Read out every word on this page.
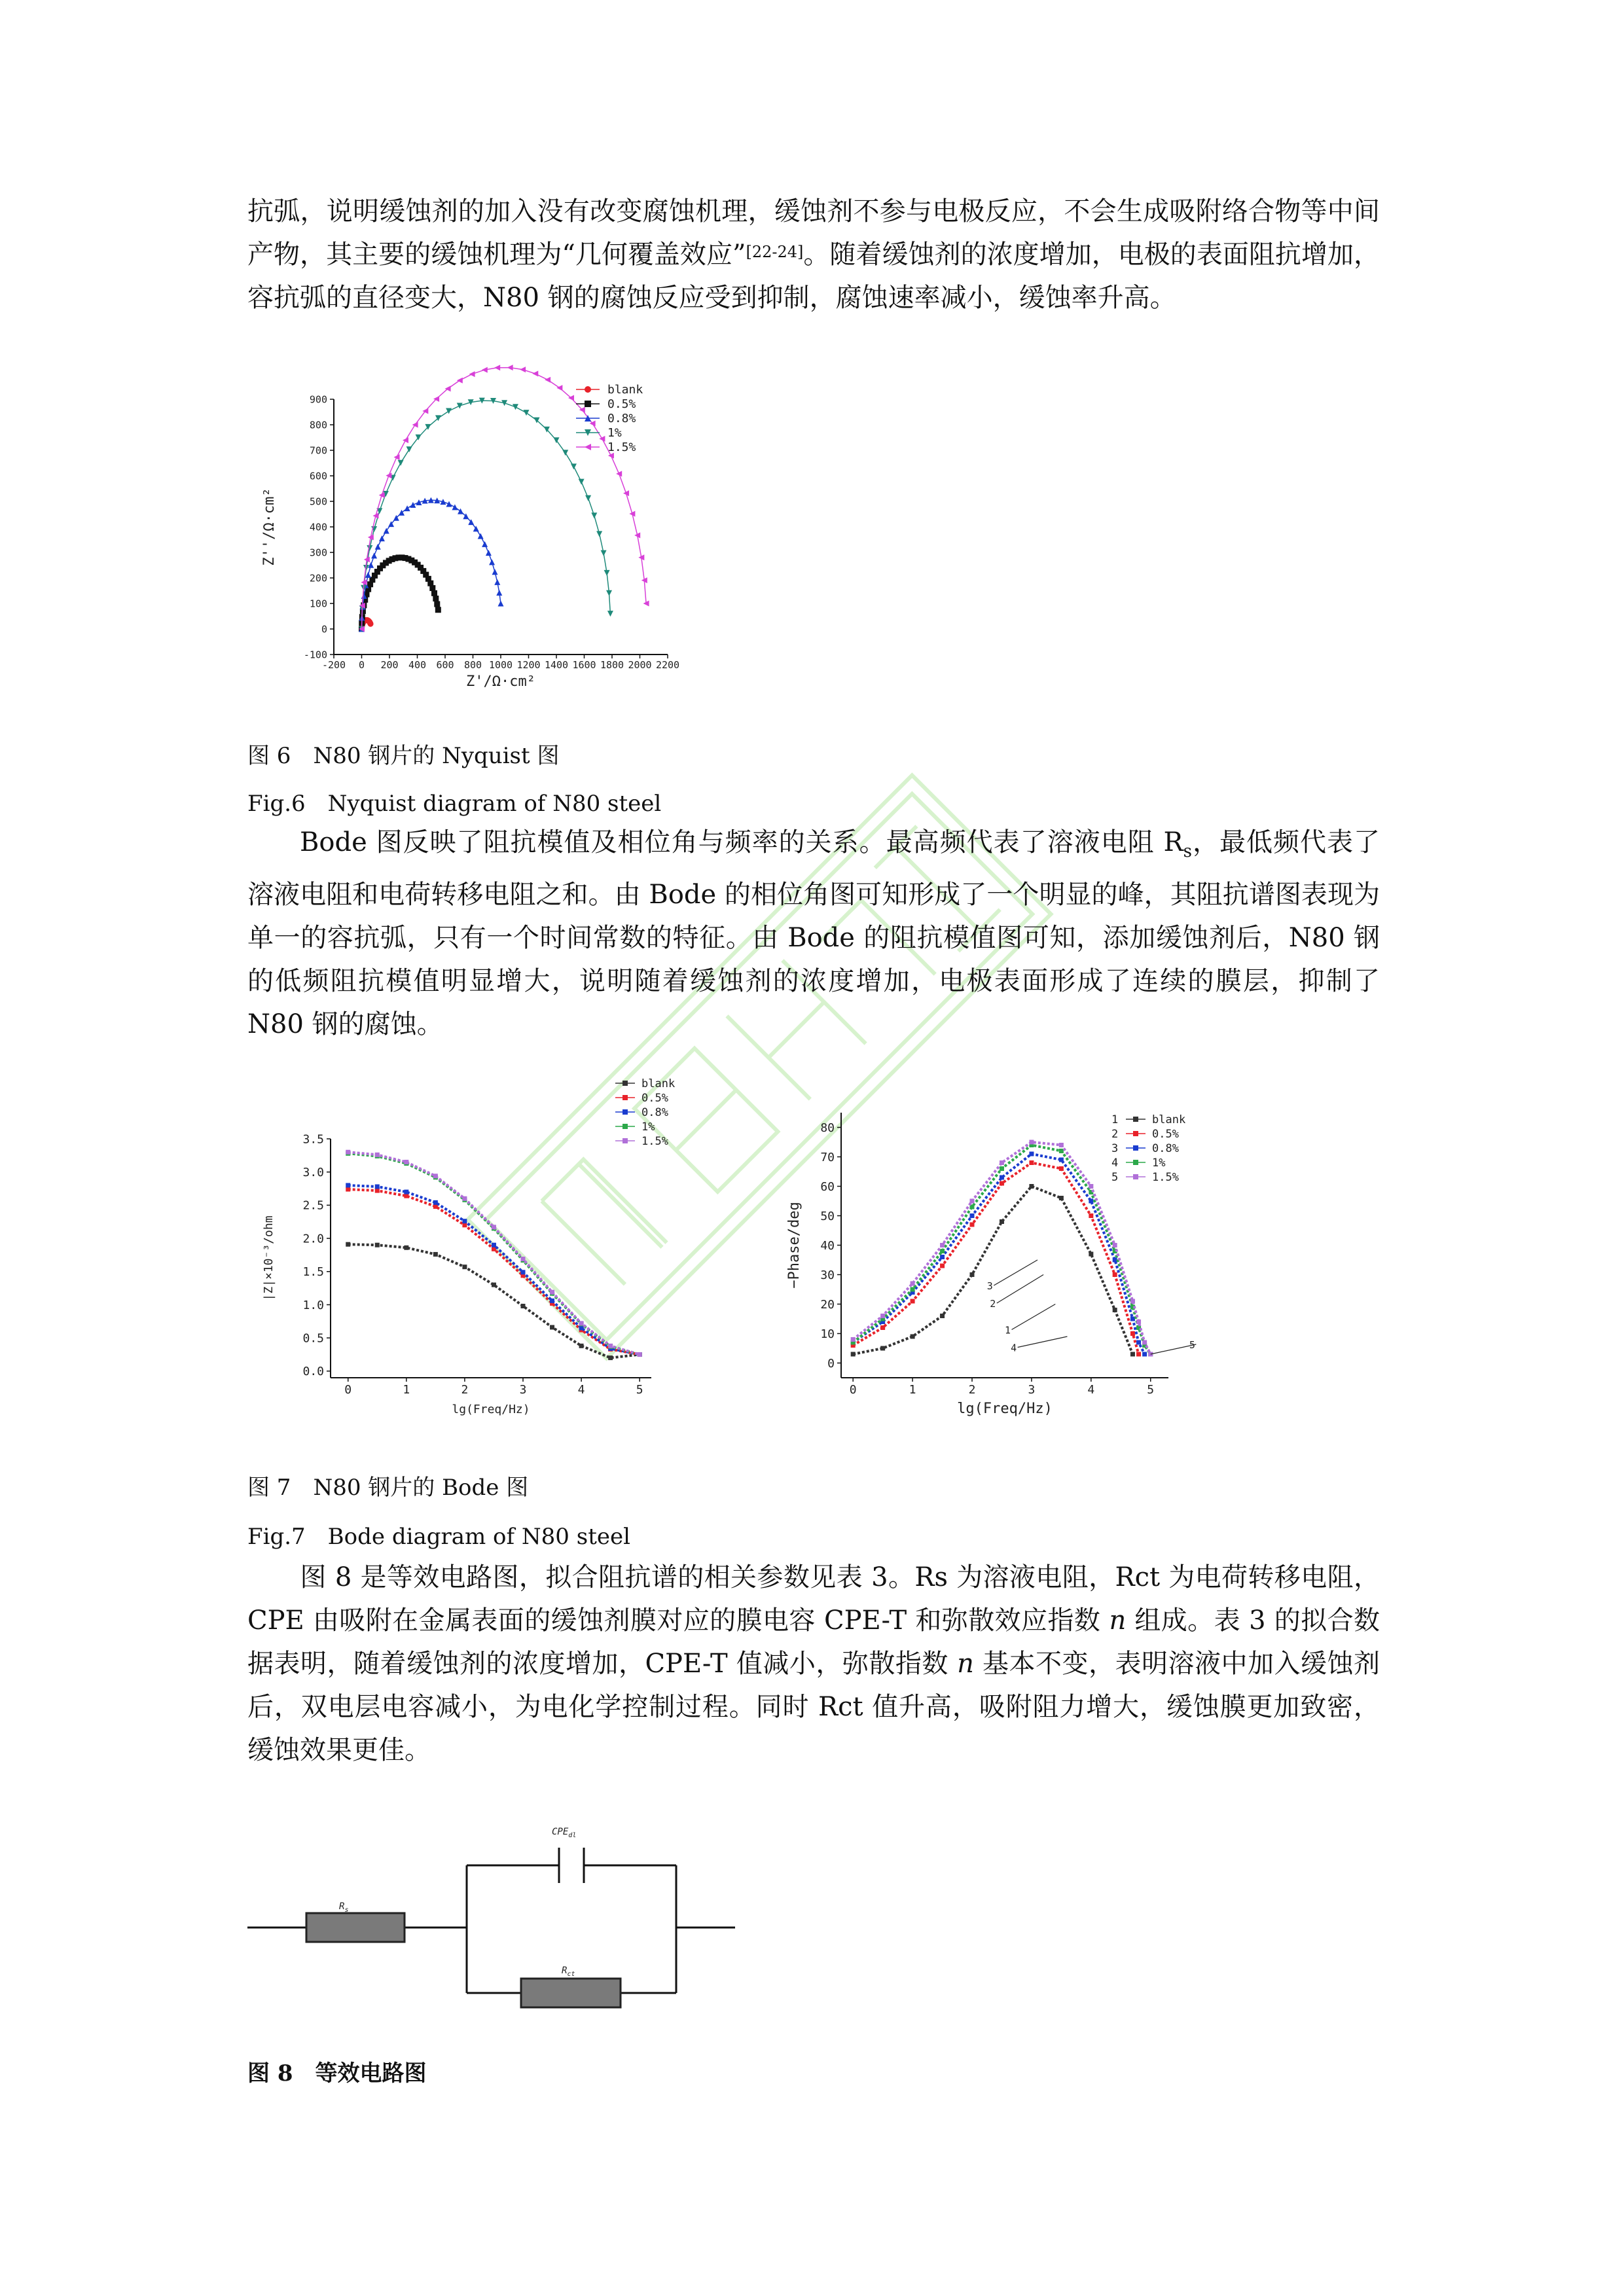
抗弧，说明缓蚀剂的加入没有改变腐蚀机理，缓蚀剂不参与电极反应，不会生成吸附络合物等中间产物，其主要的缓蚀机理为“几何覆盖效应”[22-24]。随着缓蚀剂的浓度增加，电极的表面阻抗增加，容抗弧的直径变大，N80 钢的腐蚀反应受到抑制，腐蚀速率减小，缓蚀率升高。

-200 0 200 400 600 800 1000 1200 1400 1600 1800 2000 2200
-100
0
100
200
300
400
500
600
700
800
900
Z'/Ω·cm²
Z''/Ω·cm²
blank
0.5%
0.8%
1%
1.5%

图 6　N80 钢片的 Nyquist 图

Fig.6　Nyquist diagram of N80 steel

Bode 图反映了阻抗模值及相位角与频率的关系。最高频代表了溶液电阻 $R_s$，最低频代表了溶液电阻和电荷转移电阻之和。由 Bode 的相位角图可知形成了一个明显的峰，其阻抗谱图表现为单一的容抗弧，只有一个时间常数的特征。由 Bode 的阻抗模值图可知，添加缓蚀剂后，N80 钢的低频阻抗模值明显增大，说明随着缓蚀剂的浓度增加，电极表面形成了连续的膜层，抑制了 N80 钢的腐蚀。

0	1	2	3	4	5
0.0
0.5
1.0
1.5
2.0
2.5
3.0
3.5
lg(Freq/Hz)
|Z|×10⁻³/ohm
blank
0.5%
0.8%
1%
1.5%
0	1	2	3	4	5
0
10
20
30
40
50
60
70
80
lg(Freq/Hz)
−Phase/deg	3
2
1
4	5
1	blank
2	0.5%
3	0.8%
4	1%
5	1.5%

图 7　N80 钢片的 Bode 图

Fig.7　Bode diagram of N80 steel

图 8 是等效电路图，拟合阻抗谱的相关参数见表 3。Rs 为溶液电阻，Rct 为电荷转移电阻，CPE 由吸附在金属表面的缓蚀剂膜对应的膜电容 CPE-T 和弥散效应指数 n 组成。表 3 的拟合数据表明，随着缓蚀剂的浓度增加，CPE-T 值减小，弥散指数 n 基本不变，表明溶液中加入缓蚀剂后，双电层电容减小，为电化学控制过程。同时 Rct 值升高，吸附阻力增大，缓蚀膜更加致密，缓蚀效果更佳。

$R_s$
$CPE_{dl}$
$R_{ct}$

图 8　等效电路图
